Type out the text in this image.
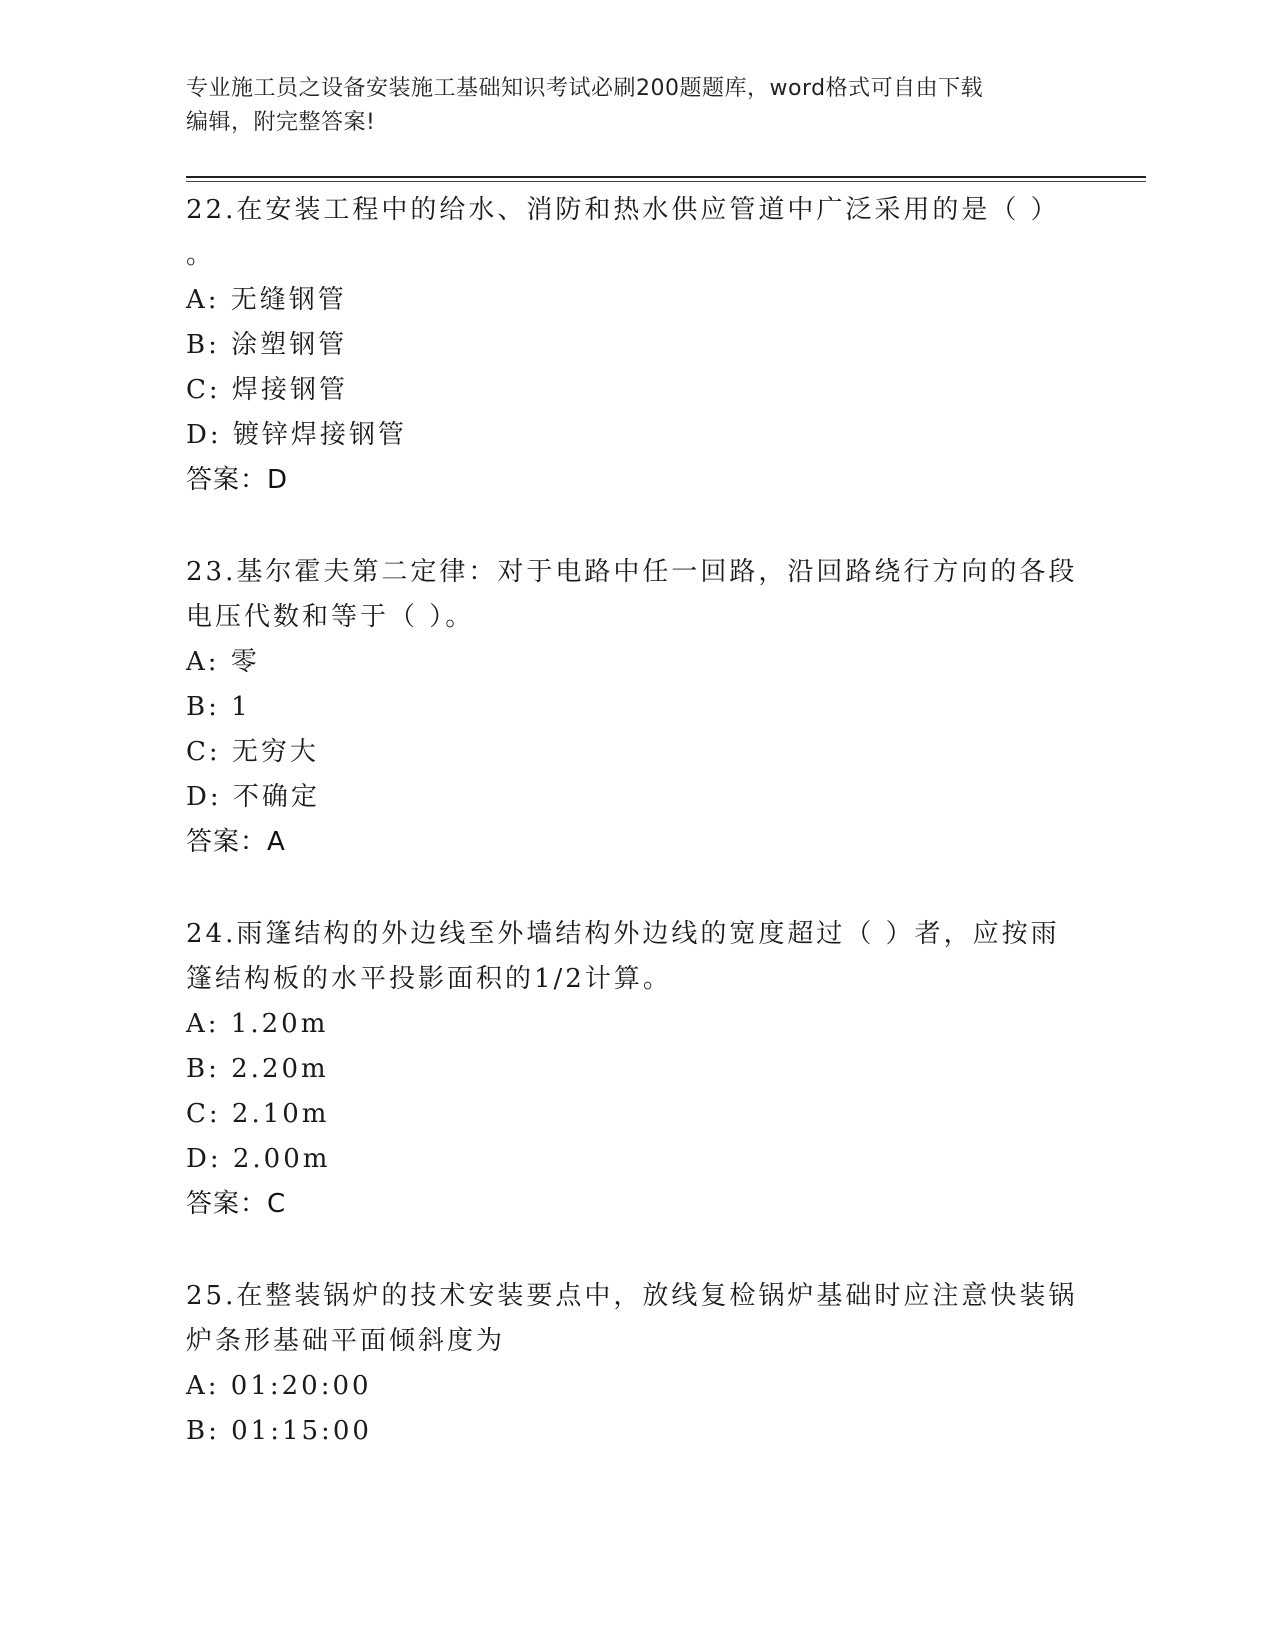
专业施工员之设备安装施工基础知识考试必刷200题题库，word格式可自由下载
编辑，附完整答案!

22.在安装工程中的给水、消防和热水供应管道中广泛采用的是（ ）

。

A: 无缝钢管

B: 涂塑钢管

C: 焊接钢管

D: 镀锌焊接钢管

答案：D

23.基尔霍夫第二定律：对于电路中任一回路，沿回路绕行方向的各段

电压代数和等于（ ）。

A: 零

B: 1

C: 无穷大

D: 不确定

答案：A

24.雨篷结构的外边线至外墙结构外边线的宽度超过（ ）者，应按雨

篷结构板的水平投影面积的1/2计算。

A: 1.20m

B: 2.20m

C: 2.10m

D: 2.00m

答案：C

25.在整装锅炉的技术安装要点中，放线复检锅炉基础时应注意快装锅

炉条形基础平面倾斜度为

A: 01:20:00

B: 01:15:00
